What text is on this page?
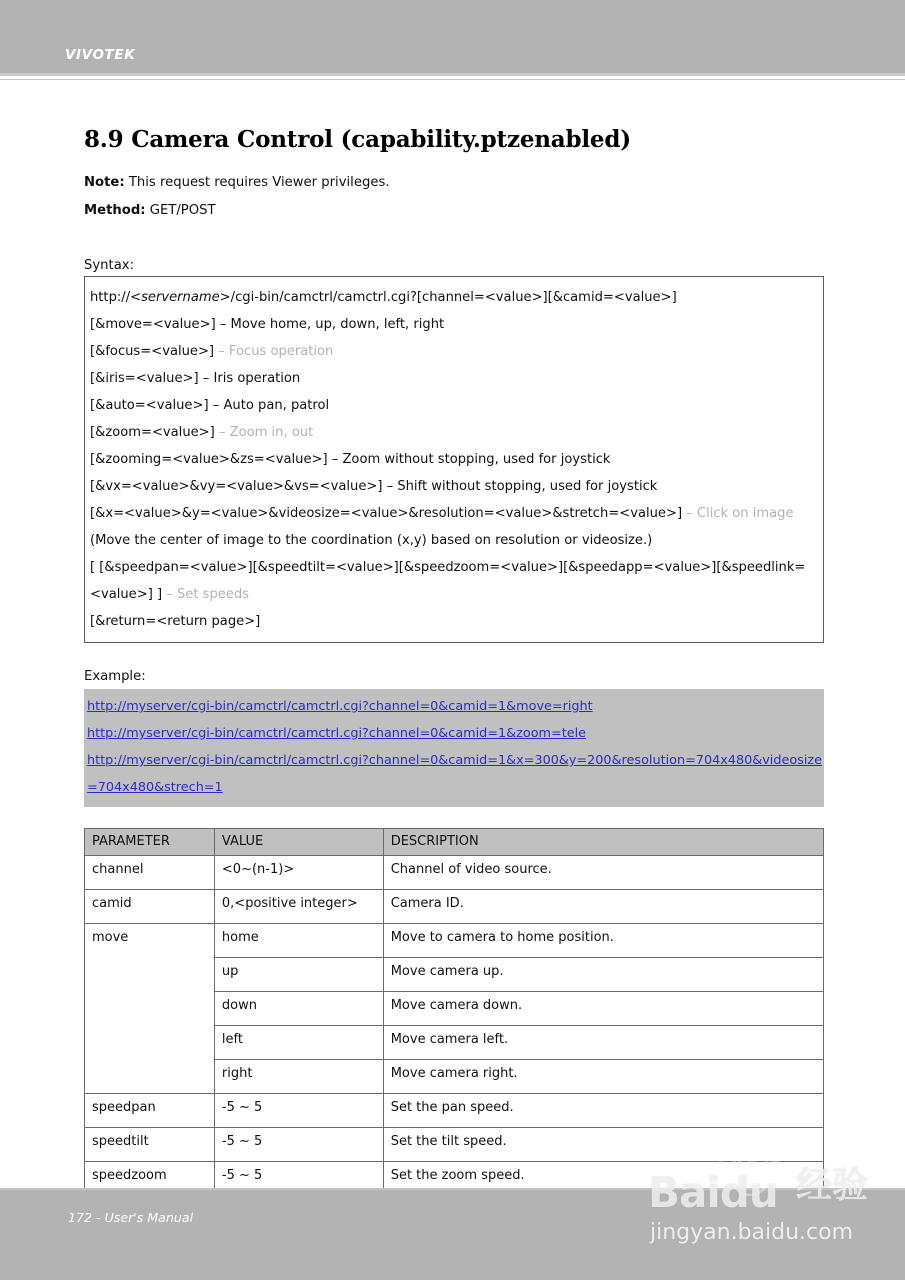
VIVOTEK
8.9 Camera Control (capability.ptzenabled)
Note: This request requires Viewer privileges.
Method: GET/POST
Syntax:
http://<servername>/cgi-bin/camctrl/camctrl.cgi?[channel=<value>][&camid=<value>]
[&move=<value>] – Move home, up, down, left, right
[&focus=<value>] – Focus operation
[&iris=<value>] – Iris operation
[&auto=<value>] – Auto pan, patrol
[&zoom=<value>] – Zoom in, out
[&zooming=<value>&zs=<value>] – Zoom without stopping, used for joystick
[&vx=<value>&vy=<value>&vs=<value>] – Shift without stopping, used for joystick
[&x=<value>&y=<value>&videosize=<value>&resolution=<value>&stretch=<value>] – Click on image
(Move the center of image to the coordination (x,y) based on resolution or videosize.)
[ [&speedpan=<value>][&speedtilt=<value>][&speedzoom=<value>][&speedapp=<value>][&speedlink=<value>] ] – Set speeds
[&return=<return page>]
Example:
http://myserver/cgi-bin/camctrl/camctrl.cgi?channel=0&camid=1&move=right
http://myserver/cgi-bin/camctrl/camctrl.cgi?channel=0&camid=1&zoom=tele
http://myserver/cgi-bin/camctrl/camctrl.cgi?channel=0&camid=1&x=300&y=200&resolution=704x480&videosize=704x480&strech=1
PARAMETER	VALUE	DESCRIPTION
channel	<0~(n-1)>	Channel of video source.
camid	0,<positive integer>	Camera ID.
move	home	Move to camera to home position.
	up	Move camera up.
	down	Move camera down.
	left	Move camera left.
	right	Move camera right.
speedpan	-5 ~ 5	Set the pan speed.
speedtilt	-5 ~ 5	Set the tilt speed.
speedzoom	-5 ~ 5	Set the zoom speed.
172 - User's Manual
Baidu 经验
jingyan.baidu.com
